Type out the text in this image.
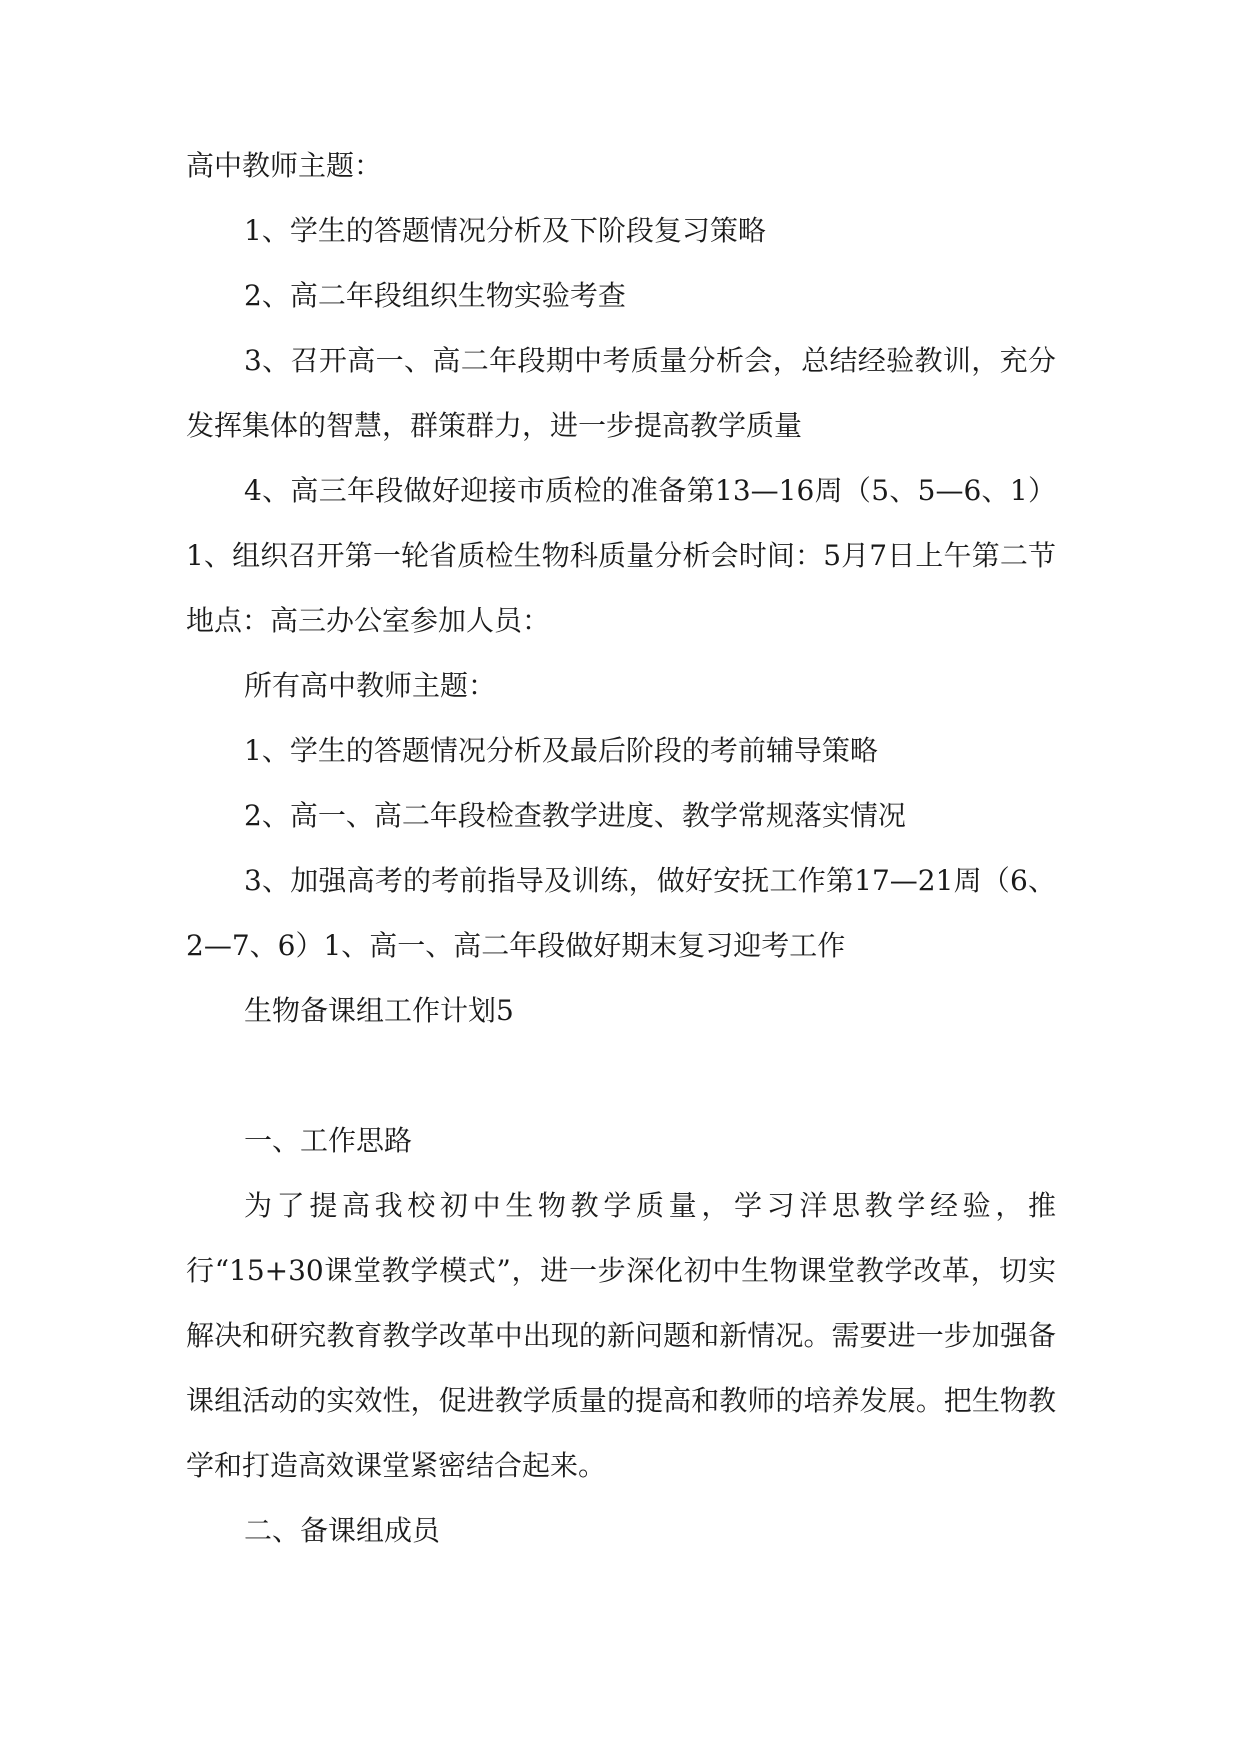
高中教师主题：

1、学生的答题情况分析及下阶段复习策略

2、高二年段组织生物实验考查

3、召开高一、高二年段期中考质量分析会，总结经验教训，充分发挥集体的智慧，群策群力，进一步提高教学质量

4、高三年段做好迎接市质检的准备第13—16周（5、5—6、1）1、组织召开第一轮省质检生物科质量分析会时间：5月7日上午第二节地点：高三办公室参加人员：

所有高中教师主题：

1、学生的答题情况分析及最后阶段的考前辅导策略

2、高一、高二年段检查教学进度、教学常规落实情况

3、加强高考的考前指导及训练，做好安抚工作第17—21周（6、2—7、6）1、高一、高二年段做好期末复习迎考工作

生物备课组工作计划5

一、工作思路

为了提高我校初中生物教学质量，学习洋思教学经验，推行“15+30课堂教学模式”，进一步深化初中生物课堂教学改革，切实解决和研究教育教学改革中出现的新问题和新情况。需要进一步加强备课组活动的实效性，促进教学质量的提高和教师的培养发展。把生物教学和打造高效课堂紧密结合起来。

二、备课组成员
